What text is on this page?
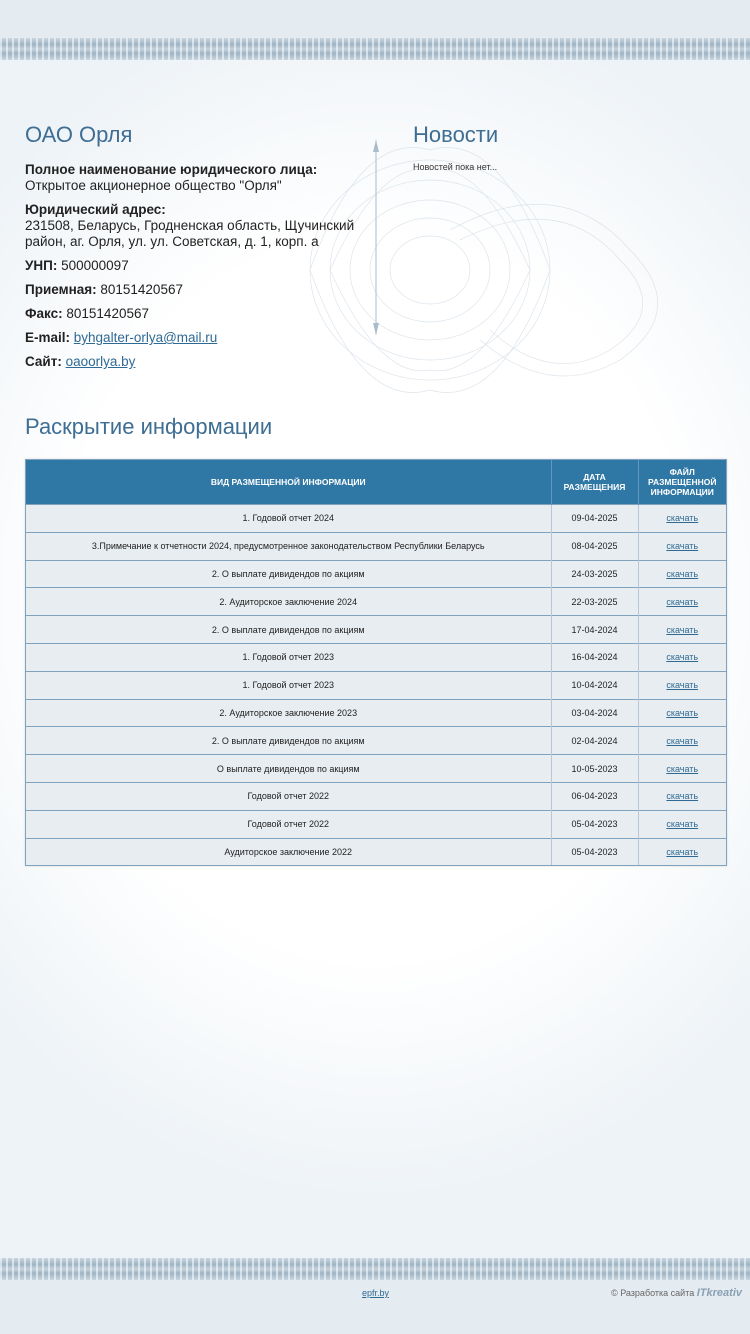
ОАО Орля
Полное наименование юридического лица:
Открытое акционерное общество "Орля"
Юридический адрес:
231508, Беларусь, Гродненская область, Щучинский район, аг. Орля, ул. ул. Советская, д. 1, корп. а
УНП: 500000097
Приемная: 80151420567
Факс: 80151420567
E-mail: byhgalter-orlya@mail.ru
Сайт: oaoorlya.by
Новости
Новостей пока нет...
Раскрытие информации
ВИД РАЗМЕЩЕННОЙ ИНФОРМАЦИИ	ДАТА РАЗМЕЩЕНИЯ	ФАЙЛ РАЗМЕЩЕННОЙ ИНФОРМАЦИИ
1. Годовой отчет 2024	09-04-2025	скачать
3.Примечание к отчетности 2024, предусмотренное законодательством Республики Беларусь	08-04-2025	скачать
2. О выплате дивидендов по акциям	24-03-2025	скачать
2. Аудиторское заключение 2024	22-03-2025	скачать
2. О выплате дивидендов по акциям	17-04-2024	скачать
1. Годовой отчет 2023	16-04-2024	скачать
1. Годовой отчет 2023	10-04-2024	скачать
2. Аудиторское заключение 2023	03-04-2024	скачать
2. О выплате дивидендов по акциям	02-04-2024	скачать
О выплате дивидендов по акциям	10-05-2023	скачать
Годовой отчет 2022	06-04-2023	скачать
Годовой отчет 2022	05-04-2023	скачать
Аудиторское заключение 2022	05-04-2023	скачать
epfr.by	© Разработка сайта ITkreativ
